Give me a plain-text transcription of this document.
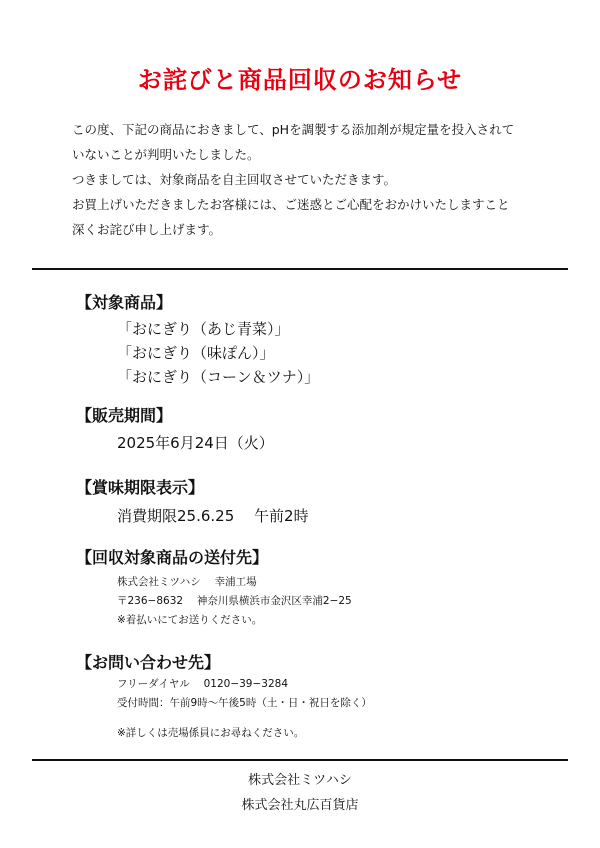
お詫びと商品回収のお知らせ

この度、下記の商品におきまして、pHを調製する添加剤が規定量を投入されて

いないことが判明いたしました。

つきましては、対象商品を自主回収させていただきます。

お買上げいただきましたお客様には、ご迷惑とご心配をおかけいたしますこと

深くお詫び申し上げます。

【対象商品】
「おにぎり（あじ青菜）」
「おにぎり（味ぽん）」
「おにぎり（コーン＆ツナ）」
【販売期間】
2025年6月24日（火）
【賞味期限表示】
消費期限25.6.25　 午前2時
【回収対象商品の送付先】
株式会社ミツハシ　 幸浦工場
〒236−8632　 神奈川県横浜市金沢区幸浦2−25
※着払いにてお送りください。
【お問い合わせ先】
フリーダイヤル　 0120−39−3284
受付時間：午前9時〜午後5時（土・日・祝日を除く）
※詳しくは売場係員にお尋ねください。
株式会社ミツハシ
株式会社丸広百貨店
